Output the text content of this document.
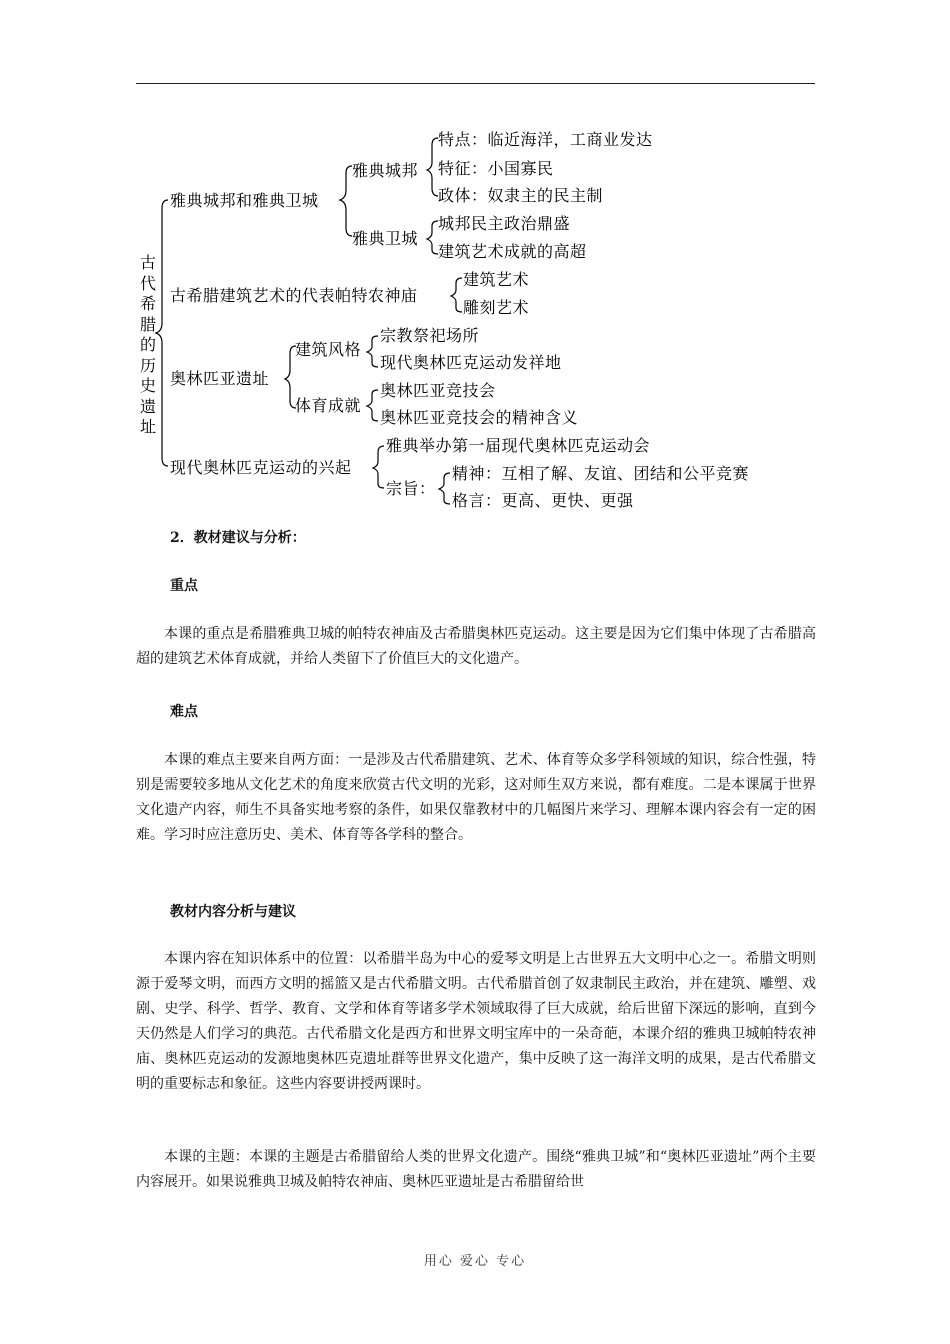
古代希腊的历史遗址
雅典城邦和雅典卫城
雅典城邦
特点：临近海洋，工商业发达
特征：小国寡民
政体：奴隶主的民主制
雅典卫城
城邦民主政治鼎盛
建筑艺术成就的高超
古希腊建筑艺术的代表帕特农神庙
建筑艺术
雕刻艺术
奥林匹亚遗址
建筑风格
宗教祭祀场所
现代奥林匹克运动发祥地
体育成就
奥林匹亚竞技会
奥林匹亚竞技会的精神含义
现代奥林匹克运动的兴起
雅典举办第一届现代奥林匹克运动会
宗旨：
精神：互相了解、友谊、团结和公平竞赛
格言：更高、更快、更强
2．教材建议与分析：
重点

本课的重点是希腊雅典卫城的帕特农神庙及古希腊奥林匹克运动。这主要是因为它们集中体现了古希腊高超的建筑艺术体育成就，并给人类留下了价值巨大的文化遗产。

难点

本课的难点主要来自两方面：一是涉及古代希腊建筑、艺术、体育等众多学科领域的知识，综合性强，特别是需要较多地从文化艺术的角度来欣赏古代文明的光彩，这对师生双方来说，都有难度。二是本课属于世界文化遗产内容，师生不具备实地考察的条件，如果仅靠教材中的几幅图片来学习、理解本课内容会有一定的困难。学习时应注意历史、美术、体育等各学科的整合。

教材内容分析与建议

本课内容在知识体系中的位置：以希腊半岛为中心的爱琴文明是上古世界五大文明中心之一。希腊文明则源于爱琴文明，而西方文明的摇篮又是古代希腊文明。古代希腊首创了奴隶制民主政治，并在建筑、雕塑、戏剧、史学、科学、哲学、教育、文学和体育等诸多学术领域取得了巨大成就，给后世留下深远的影响，直到今天仍然是人们学习的典范。古代希腊文化是西方和世界文明宝库中的一朵奇葩，本课介绍的雅典卫城帕特农神庙、奥林匹克运动的发源地奥林匹克遗址群等世界文化遗产，集中反映了这一海洋文明的成果，是古代希腊文明的重要标志和象征。这些内容要讲授两课时。

本课的主题：本课的主题是古希腊留给人类的世界文化遗产。围绕“雅典卫城”和“奥林匹亚遗址”两个主要内容展开。如果说雅典卫城及帕特农神庙、奥林匹亚遗址是古希腊留给世

用心 爱心 专心
